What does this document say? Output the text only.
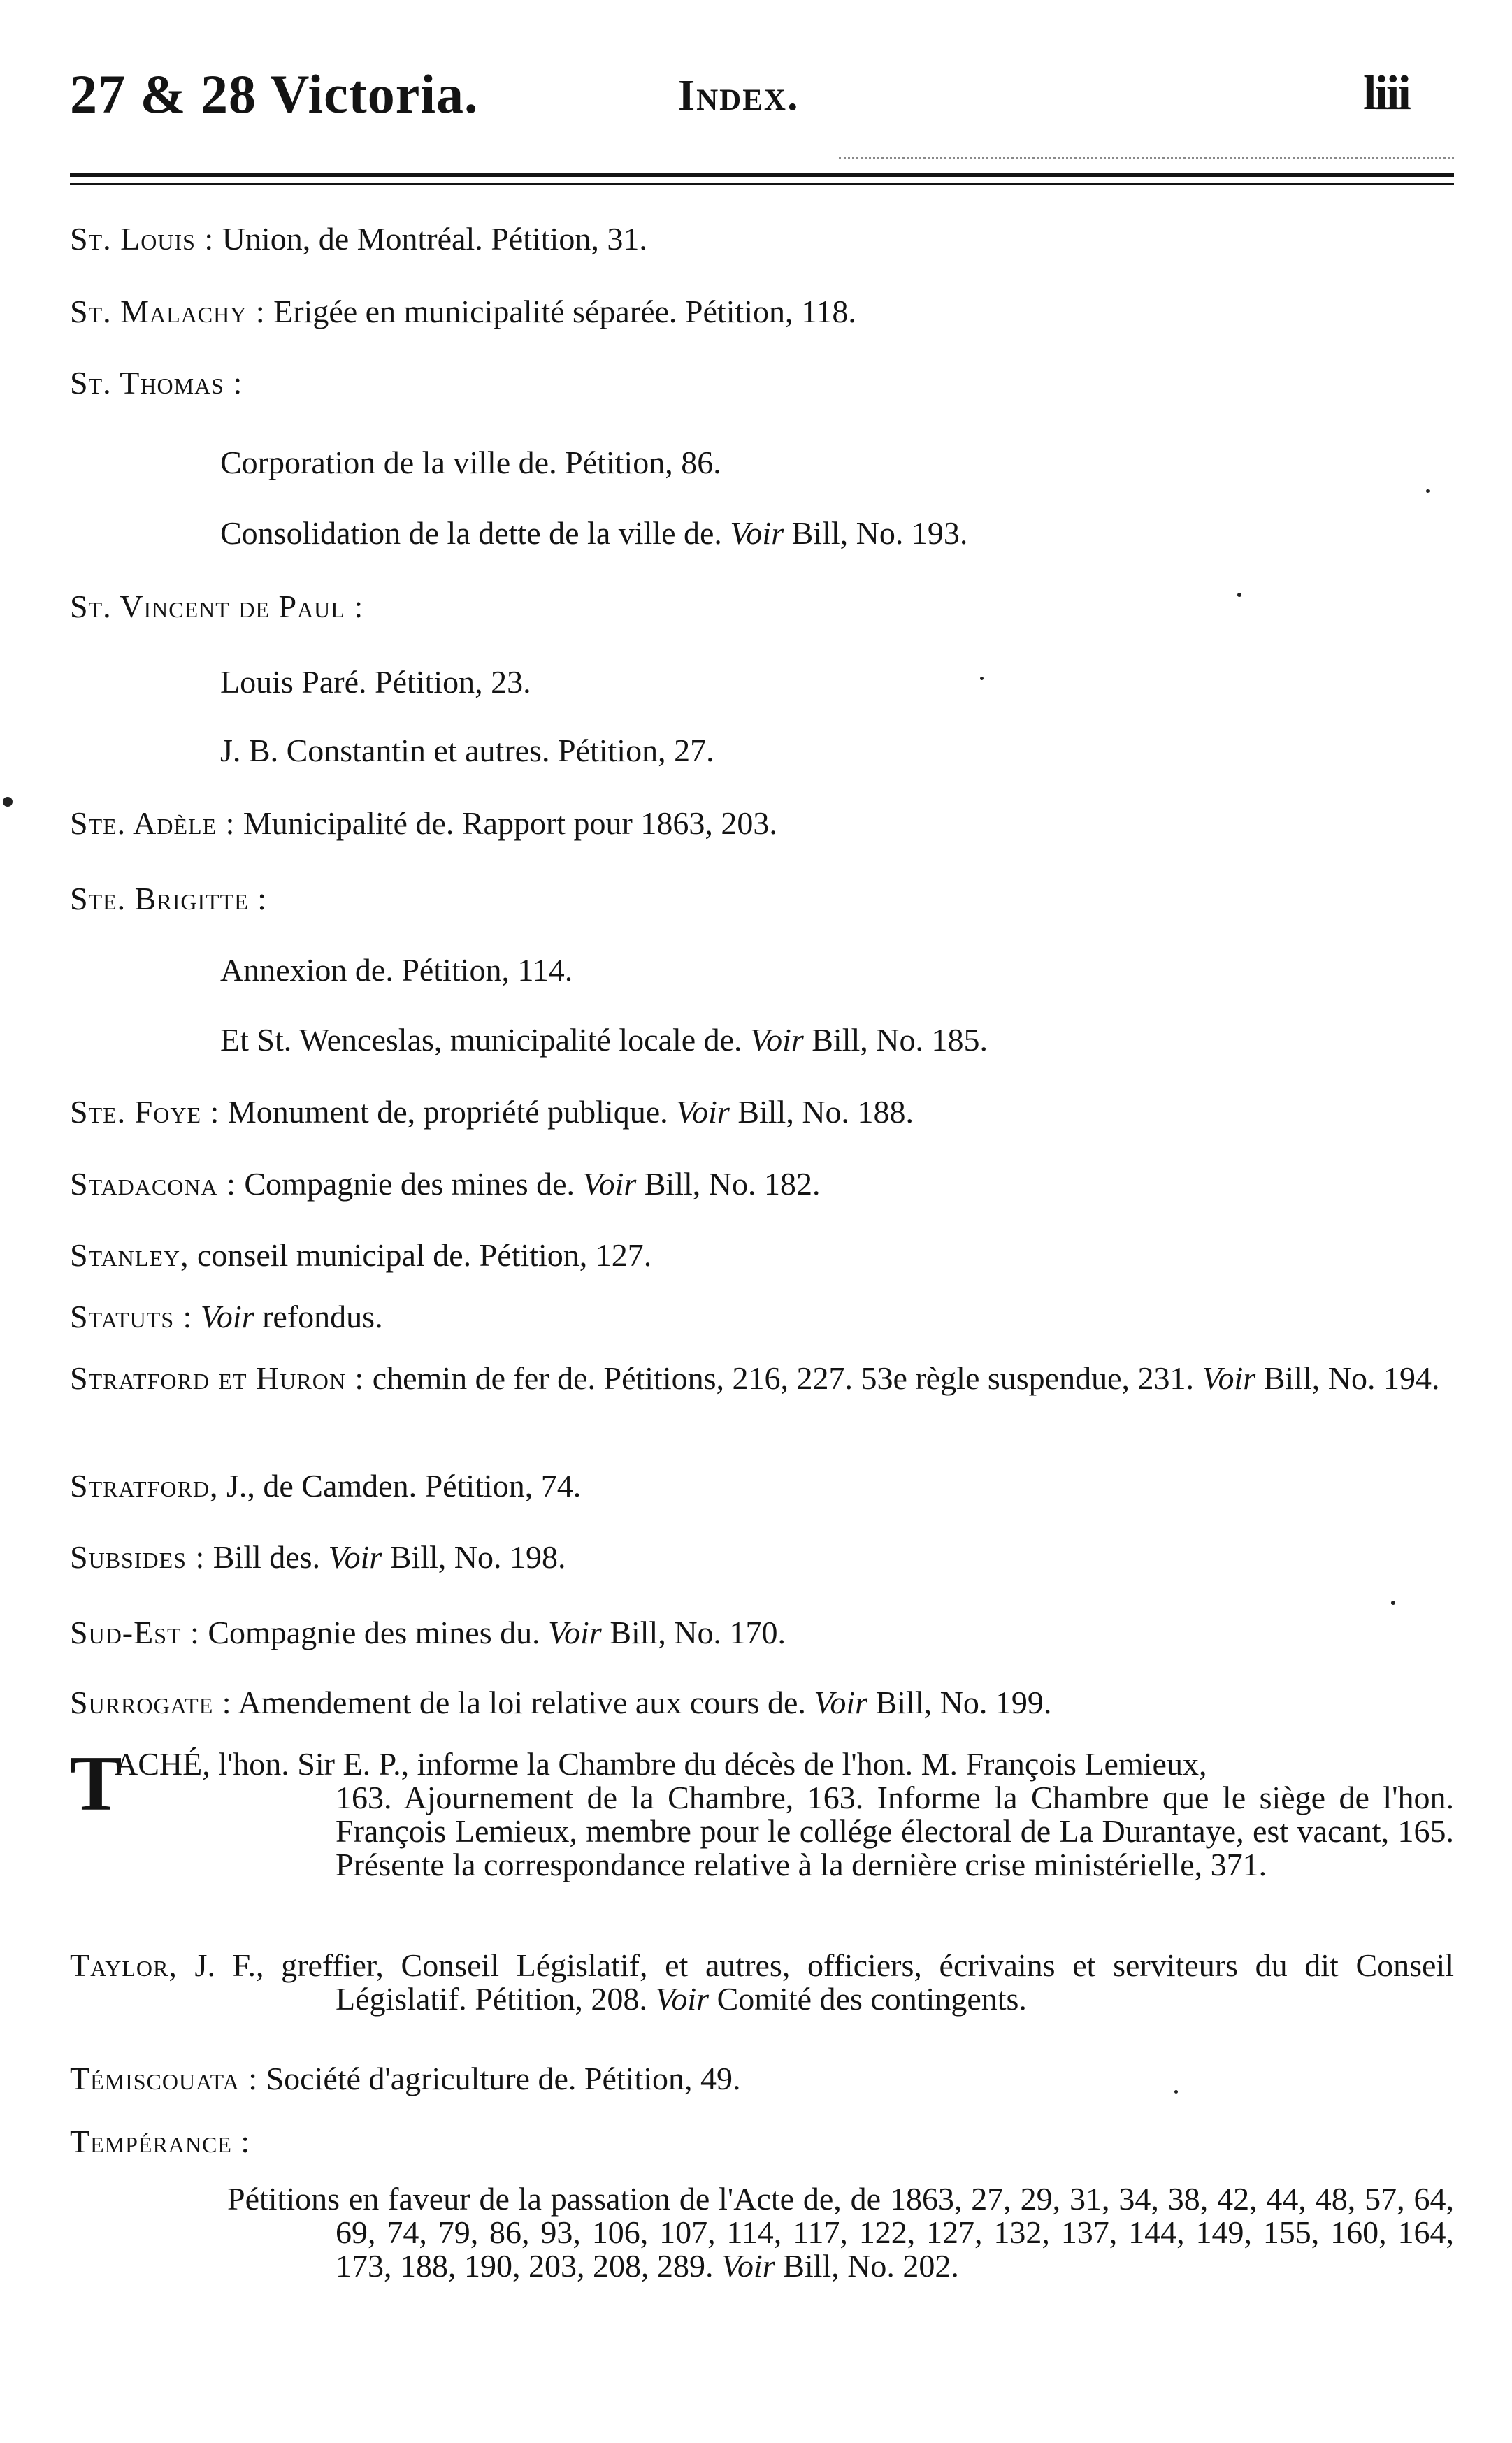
27 & 28 Victoria.	Index.	liii
St. Louis : Union, de Montréal. Pétition, 31.
St. Malachy : Erigée en municipalité séparée. Pétition, 118.
St. Thomas :
Corporation de la ville de. Pétition, 86.
Consolidation de la dette de la ville de. Voir Bill, No. 193.
St. Vincent de Paul :
Louis Paré. Pétition, 23.
J. B. Constantin et autres. Pétition, 27.
Ste. Adèle : Municipalité de. Rapport pour 1863, 203.
Ste. Brigitte :
Annexion de. Pétition, 114.
Et St. Wenceslas, municipalité locale de. Voir Bill, No. 185.
Ste. Foye : Monument de, propriété publique. Voir Bill, No. 188.
Stadacona : Compagnie des mines de. Voir Bill, No. 182.
Stanley, conseil municipal de. Pétition, 127.
Statuts : Voir refondus.
Stratford et Huron : chemin de fer de. Pétitions, 216, 227. 53e règle suspendue, 231. Voir Bill, No. 194.
Stratford, J., de Camden. Pétition, 74.
Subsides : Bill des. Voir Bill, No. 198.
Sud-Est : Compagnie des mines du. Voir Bill, No. 170.
Surrogate : Amendement de la loi relative aux cours de. Voir Bill, No. 199.
T
ACHÉ, l'hon. Sir E. P., informe la Chambre du décès de l'hon. M. François Lemieux,
163. Ajournement de la Chambre, 163. Informe la Chambre que le siège de l'hon. François Lemieux, membre pour le collége électoral de La Durantaye, est vacant, 165. Présente la correspondance relative à la dernière crise ministérielle, 371.
Taylor, J. F., greffier, Conseil Législatif, et autres, officiers, écrivains et serviteurs du dit Conseil Législatif. Pétition, 208. Voir Comité des contingents.
Témiscouata : Société d'agriculture de. Pétition, 49.
Tempérance :
Pétitions en faveur de la passation de l'Acte de, de 1863, 27, 29, 31, 34, 38, 42, 44, 48, 57, 64, 69, 74, 79, 86, 93, 106, 107, 114, 117, 122, 127, 132, 137, 144, 149, 155, 160, 164, 173, 188, 190, 203, 208, 289. Voir Bill, No. 202.
